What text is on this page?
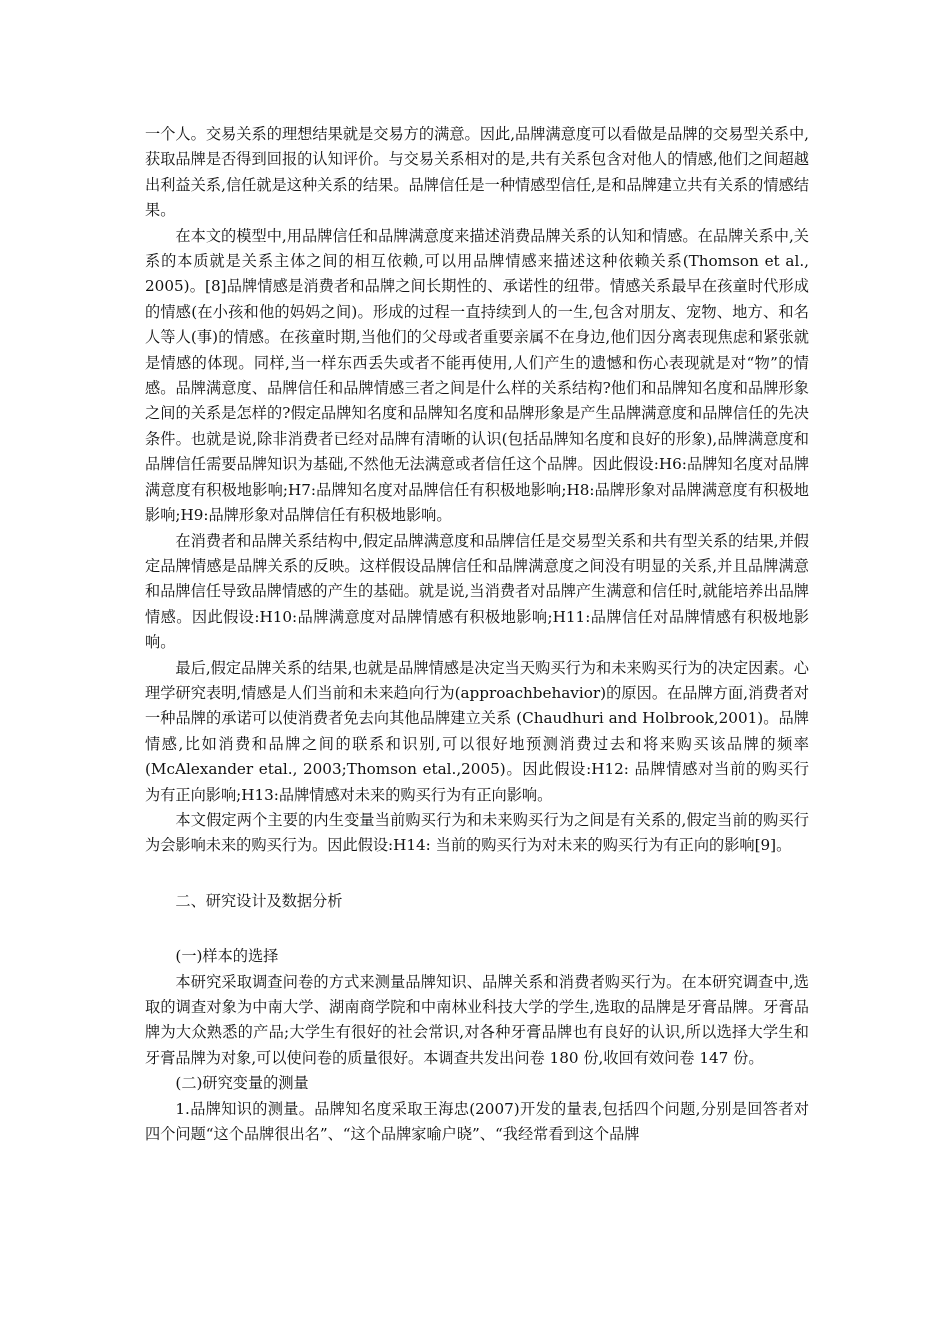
一个人。交易关系的理想结果就是交易方的满意。因此,品牌满意度可以看做是品牌的交易型关系中,获取品牌是否得到回报的认知评价。与交易关系相对的是,共有关系包含对他人的情感,他们之间超越出利益关系,信任就是这种关系的结果。品牌信任是一种情感型信任,是和品牌建立共有关系的情感结果。

在本文的模型中,用品牌信任和品牌满意度来描述消费品牌关系的认知和情感。在品牌关系中,关系的本质就是关系主体之间的相互依赖,可以用品牌情感来描述这种依赖关系(Thomson et al., 2005)。[8]品牌情感是消费者和品牌之间长期性的、承诺性的纽带。情感关系最早在孩童时代形成的情感(在小孩和他的妈妈之间)。形成的过程一直持续到人的一生,包含对朋友、宠物、地方、和名人等人(事)的情感。在孩童时期,当他们的父母或者重要亲属不在身边,他们因分离表现焦虑和紧张就是情感的体现。同样,当一样东西丢失或者不能再使用,人们产生的遗憾和伤心表现就是对“物”的情感。品牌满意度、品牌信任和品牌情感三者之间是什么样的关系结构?他们和品牌知名度和品牌形象之间的关系是怎样的?假定品牌知名度和品牌知名度和品牌形象是产生品牌满意度和品牌信任的先决条件。也就是说,除非消费者已经对品牌有清晰的认识(包括品牌知名度和良好的形象),品牌满意度和品牌信任需要品牌知识为基础,不然他无法满意或者信任这个品牌。因此假设:H6:品牌知名度对品牌满意度有积极地影响;H7:品牌知名度对品牌信任有积极地影响;H8:品牌形象对品牌满意度有积极地影响;H9:品牌形象对品牌信任有积极地影响。

在消费者和品牌关系结构中,假定品牌满意度和品牌信任是交易型关系和共有型关系的结果,并假定品牌情感是品牌关系的反映。这样假设品牌信任和品牌满意度之间没有明显的关系,并且品牌满意和品牌信任导致品牌情感的产生的基础。就是说,当消费者对品牌产生满意和信任时,就能培养出品牌情感。因此假设:H10:品牌满意度对品牌情感有积极地影响;H11:品牌信任对品牌情感有积极地影响。

最后,假定品牌关系的结果,也就是品牌情感是决定当天购买行为和未来购买行为的决定因素。心理学研究表明,情感是人们当前和未来趋向行为(approachbehavior)的原因。在品牌方面,消费者对一种品牌的承诺可以使消费者免去向其他品牌建立关系 (Chaudhuri and Holbrook,2001)。品牌情感,比如消费和品牌之间的联系和识别,可以很好地预测消费过去和将来购买该品牌的频率(McAlexander etal., 2003;Thomson etal.,2005)。因此假设:H12: 品牌情感对当前的购买行为有正向影响;H13:品牌情感对未来的购买行为有正向影响。

本文假定两个主要的内生变量当前购买行为和未来购买行为之间是有关系的,假定当前的购买行为会影响未来的购买行为。因此假设:H14: 当前的购买行为对未来的购买行为有正向的影响[9]。

二、研究设计及数据分析

(一)样本的选择

本研究采取调查问卷的方式来测量品牌知识、品牌关系和消费者购买行为。在本研究调查中,选取的调查对象为中南大学、湖南商学院和中南林业科技大学的学生,选取的品牌是牙膏品牌。牙膏品牌为大众熟悉的产品;大学生有很好的社会常识,对各种牙膏品牌也有良好的认识,所以选择大学生和牙膏品牌为对象,可以使问卷的质量很好。本调查共发出问卷 180 份,收回有效问卷 147 份。

(二)研究变量的测量

1.品牌知识的测量。品牌知名度采取王海忠(2007)开发的量表,包括四个问题,分别是回答者对四个问题“这个品牌很出名”、“这个品牌家喻户晓”、“我经常看到这个品牌
